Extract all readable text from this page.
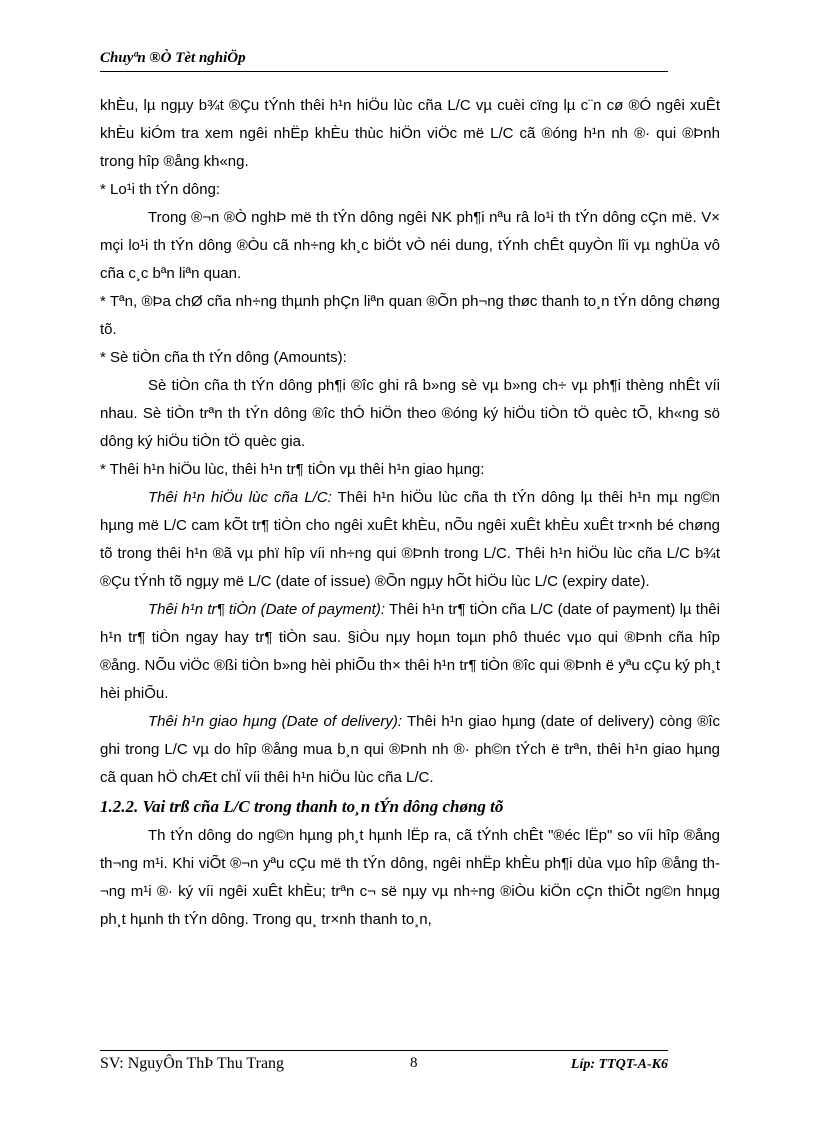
Chuyªn ®Ò Tèt nghiÖp

khÈu, lµ ngµy b¾t ®Çu tÝnh thêi h¹n hiÖu lùc cña L/C vµ cuèi cïng lµ c¨n cø ®Ó ngêi xuÊt khÈu kiÓm tra xem ngêi nhËp khÈu thùc hiÖn viÖc më L/C cã ®óng h¹n nh ®· qui ®Þnh trong hîp ®ång kh«ng.

* Lo¹i th tÝn dông:

Trong ®¬n ®Ò nghÞ më th tÝn dông ngêi NK ph¶i nªu râ lo¹i th tÝn dông cÇn më. V× mçi lo¹i th tÝn dông ®Òu cã nh÷ng kh¸c biÖt vÒ néi dung, tÝnh chÊt quyÒn lîi vµ nghÜa vô cña c¸c bªn liªn quan.

* Tªn, ®Þa chØ cña nh÷ng thµnh phÇn liªn quan ®Õn ph¬ng thøc thanh to¸n tÝn dông chøng tõ.

* Sè tiÒn cña th tÝn dông (Amounts):

Sè tiÒn cña th tÝn dông ph¶i ®îc ghi râ b»ng sè vµ b»ng ch÷ vµ ph¶i thèng nhÊt víi nhau. Sè tiÒn trªn th tÝn dông ®îc thÓ hiÖn theo ®óng ký hiÖu tiÒn tÖ quèc tÕ, kh«ng sö dông ký hiÖu tiÒn tÖ quèc gia.

* Thêi h¹n hiÖu lùc, thêi h¹n tr¶ tiÒn vµ thêi h¹n giao hµng:

Thêi h¹n hiÖu lùc cña L/C: Thêi h¹n hiÖu lùc cña th tÝn dông lµ thêi h¹n mµ ng©n hµng më L/C cam kÕt tr¶ tiÒn cho ngêi xuÊt khÈu, nÕu ngêi xuÊt khÈu xuÊt tr×nh bé chøng tõ trong thêi h¹n ®ã vµ phï hîp víi nh÷ng qui ®Þnh trong L/C. Thêi h¹n hiÖu lùc cña L/C b¾t ®Çu tÝnh tõ ngµy më L/C (date of issue) ®Õn ngµy hÕt hiÖu lùc L/C (expiry date).

Thêi h¹n tr¶ tiÒn (Date of payment): Thêi h¹n tr¶ tiÒn cña L/C (date of payment) lµ thêi h¹n tr¶ tiÒn ngay hay tr¶ tiÒn sau. §iÒu nµy hoµn toµn phô thuéc vµo qui ®Þnh cña hîp ®ång. NÕu viÖc ®ßi tiÒn b»ng hèi phiÕu th× thêi h¹n tr¶ tiÒn ®îc qui ®Þnh ë yªu cÇu ký ph¸t hèi phiÕu.

Thêi h¹n giao hµng (Date of delivery): Thêi h¹n giao hµng (date of delivery) còng ®îc ghi trong L/C vµ do hîp ®ång mua b¸n qui ®Þnh nh ®· ph©n tÝch ë trªn, thêi h¹n giao hµng cã quan hÖ chÆt chÏ víi thêi h¹n hiÖu lùc cña L/C.

1.2.2. Vai trß cña L/C trong thanh to¸n tÝn dông chøng tõ

Th tÝn dông do ng©n hµng ph¸t hµnh lËp ra, cã tÝnh chÊt "®éc lËp" so víi hîp ®ång th¬ng m¹i. Khi viÕt ®¬n yªu cÇu më th tÝn dông, ngêi nhËp khÈu ph¶i dùa vµo hîp ®ång th¬ng m¹i ®· ký víi ngêi xuÊt khÈu; trªn c¬ së nµy vµ nh÷ng ®iÒu kiÖn cÇn thiÕt ng©n hnµg ph¸t hµnh th tÝn dông. Trong qu¸ tr×nh thanh to¸n,

SV: NguyÔn ThÞ Thu Trang	8	Líp: TTQT-A-K6
